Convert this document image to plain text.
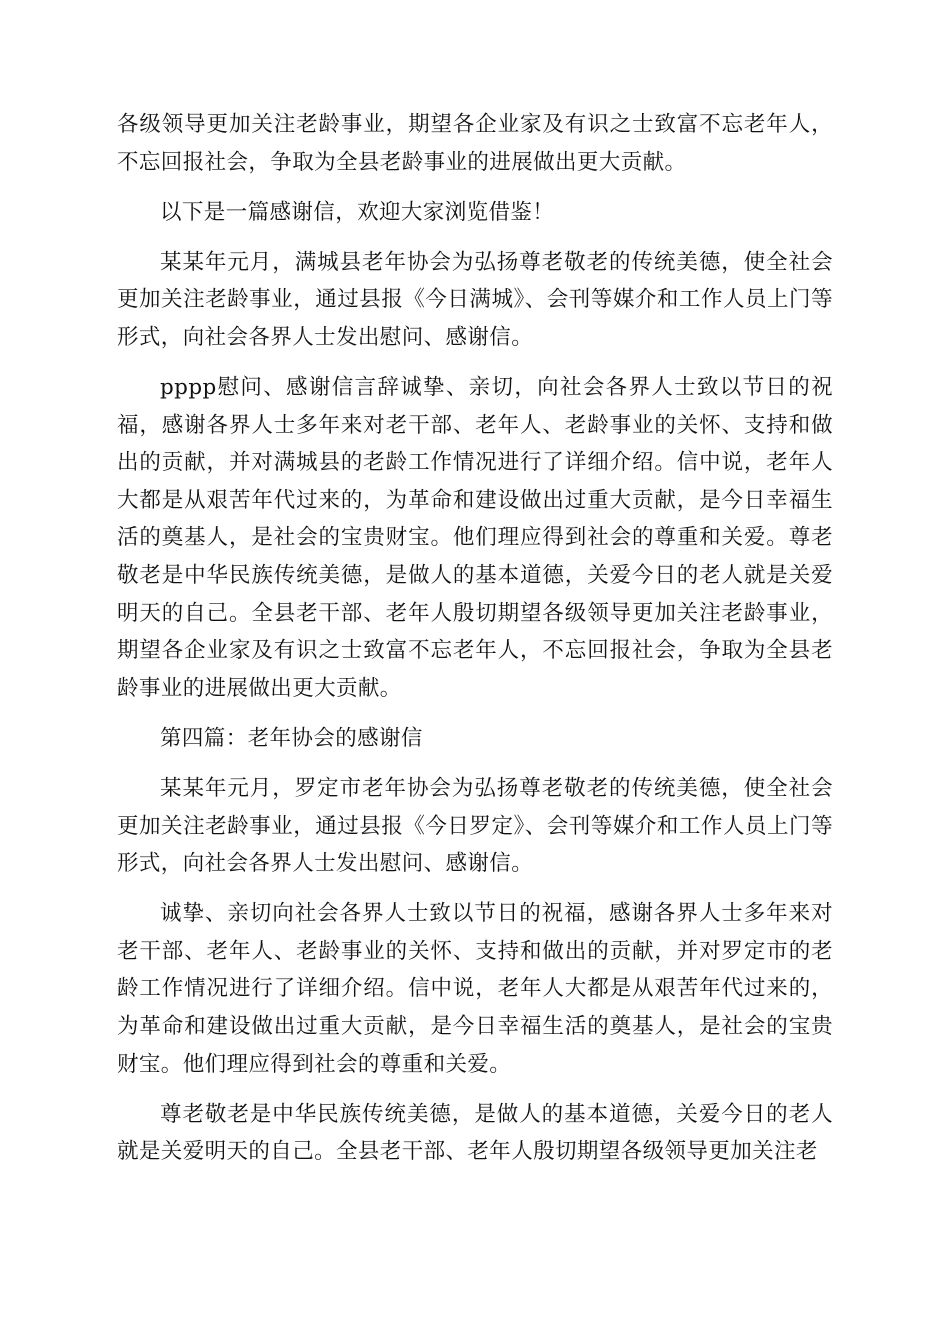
各级领导更加关注老龄事业，期望各企业家及有识之士致富不忘老年人，不忘回报社会，争取为全县老龄事业的进展做出更大贡献。

以下是一篇感谢信，欢迎大家浏览借鉴！

某某年元月，满城县老年协会为弘扬尊老敬老的传统美德，使全社会更加关注老龄事业，通过县报《今日满城》、会刊等媒介和工作人员上门等形式，向社会各界人士发出慰问、感谢信。

pppp慰问、感谢信言辞诚挚、亲切，向社会各界人士致以节日的祝福，感谢各界人士多年来对老干部、老年人、老龄事业的关怀、支持和做出的贡献，并对满城县的老龄工作情况进行了详细介绍。信中说，老年人大都是从艰苦年代过来的，为革命和建设做出过重大贡献，是今日幸福生活的奠基人，是社会的宝贵财宝。他们理应得到社会的尊重和关爱。尊老敬老是中华民族传统美德，是做人的基本道德，关爱今日的老人就是关爱明天的自己。全县老干部、老年人殷切期望各级领导更加关注老龄事业，期望各企业家及有识之士致富不忘老年人，不忘回报社会，争取为全县老龄事业的进展做出更大贡献。

第四篇：老年协会的感谢信

某某年元月，罗定市老年协会为弘扬尊老敬老的传统美德，使全社会更加关注老龄事业，通过县报《今日罗定》、会刊等媒介和工作人员上门等形式，向社会各界人士发出慰问、感谢信。

诚挚、亲切向社会各界人士致以节日的祝福，感谢各界人士多年来对老干部、老年人、老龄事业的关怀、支持和做出的贡献，并对罗定市的老龄工作情况进行了详细介绍。信中说，老年人大都是从艰苦年代过来的，为革命和建设做出过重大贡献，是今日幸福生活的奠基人，是社会的宝贵财宝。他们理应得到社会的尊重和关爱。

尊老敬老是中华民族传统美德，是做人的基本道德，关爱今日的老人就是关爱明天的自己。全县老干部、老年人殷切期望各级领导更加关注老
